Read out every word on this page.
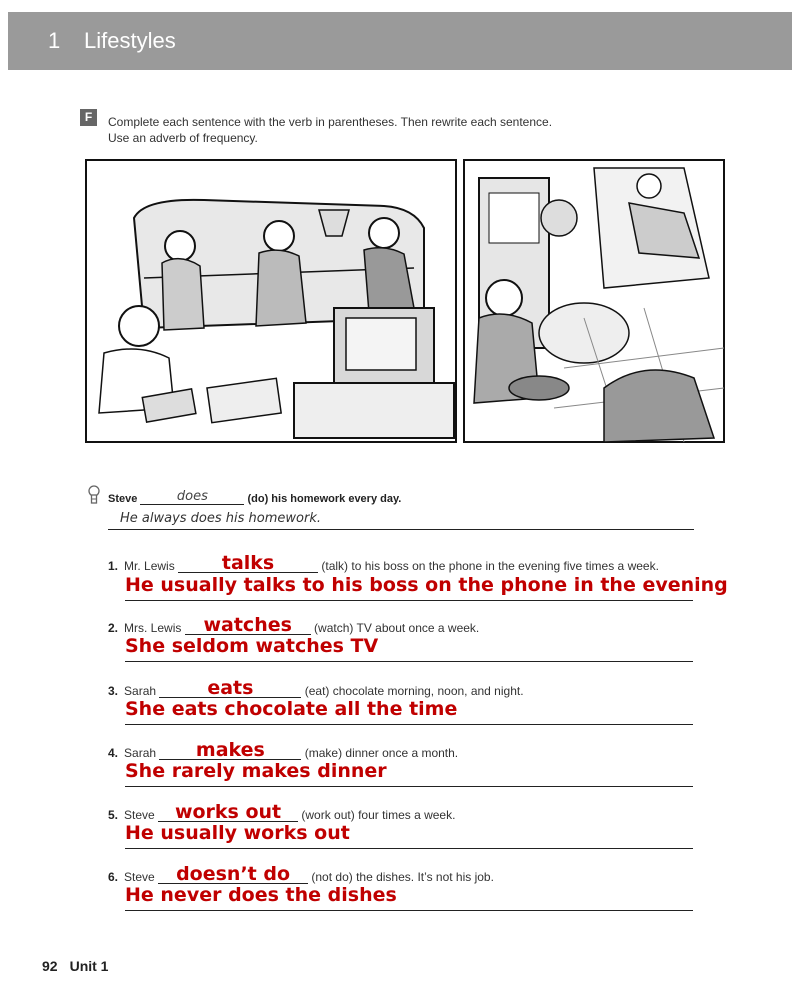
1 Lifestyles
F	Complete each sentence with the verb in parentheses. Then rewrite each sentence.
Use an adverb of frequency.
Steve	does	(do) his homework every day.
He always does his homework.
1. Mr. Lewis talks	(talk) to his boss on the phone in the evening five times a week.
He usually talks to his boss on the phone in the evening
2. Mrs. Lewis watches (watch) TV about once a week.
She seldom watches TV
3. Sarah	eats	(eat) chocolate morning, noon, and night.
She eats chocolate all the time
4. Sarah makes	(make) dinner once a month.
She rarely makes dinner
5. Steve works out (work out) four times a week.
He usually works out
6. Steve doesn’t do (not do) the dishes. It’s not his job.
He never does the dishes
92 Unit 1
